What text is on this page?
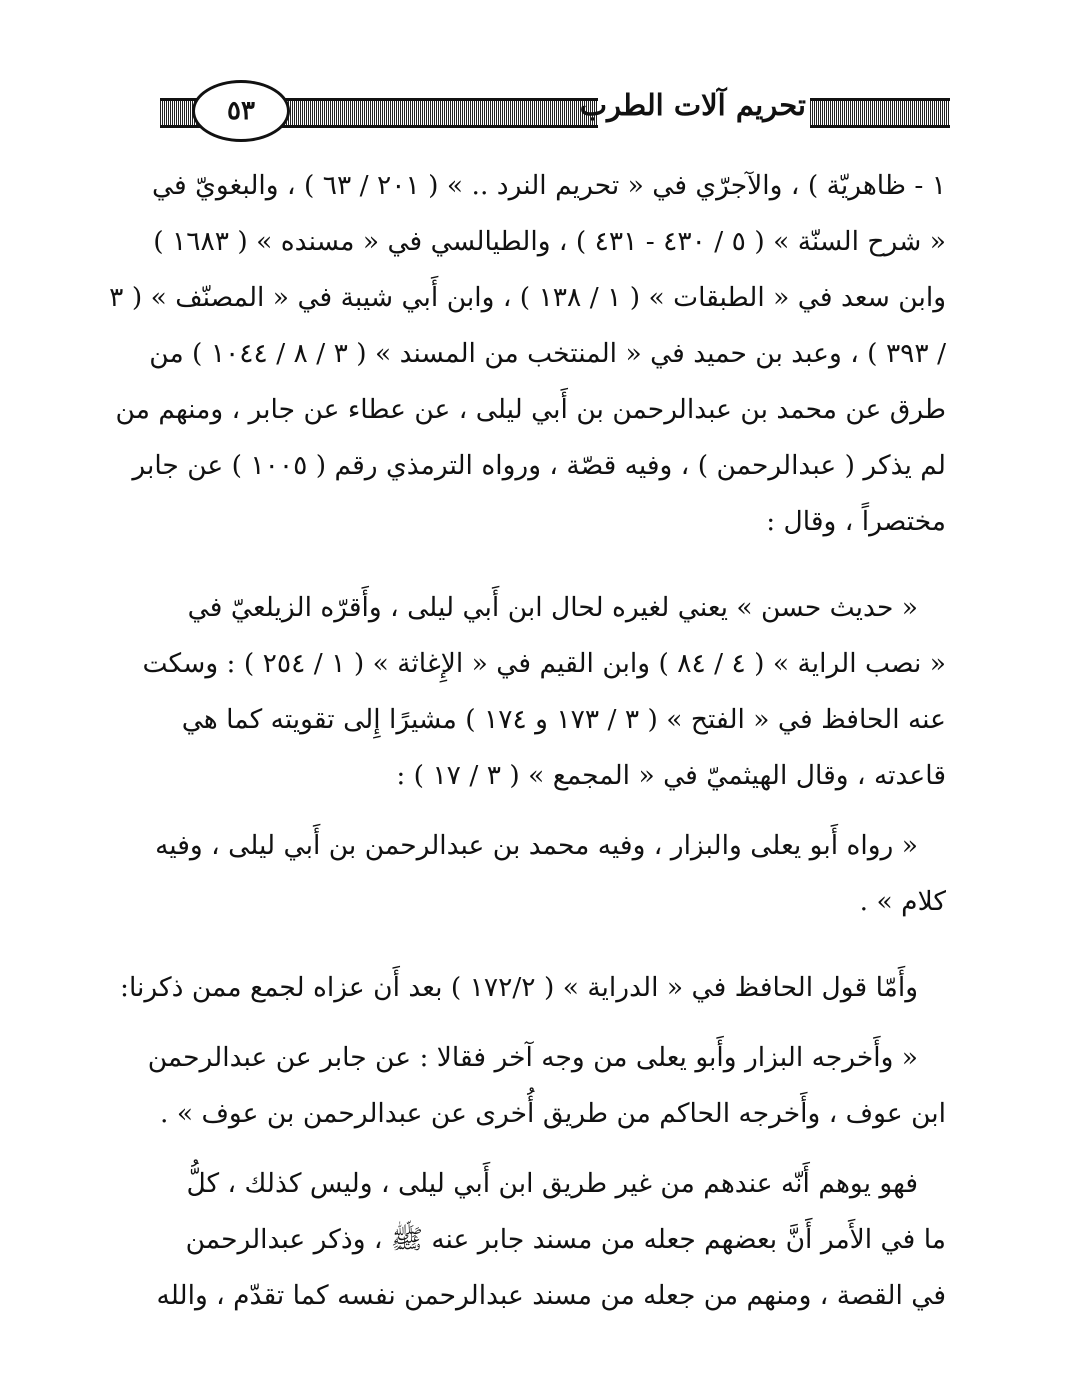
٥٣	تحريم آلات الطرب
١ - ظاهريّة ) ، والآجرّي في « تحريم النرد .. » ( ٢٠١ / ٦٣ ) ، والبغويّ في
« شرح السنّة » ( ٥ / ٤٣٠ - ٤٣١ ) ، والطيالسي في « مسنده » ( ١٦٨٣ )
وابن سعد في « الطبقات » ( ١ / ١٣٨ ) ، وابن أَبي شيبة في « المصنّف » ( ٣
/ ٣٩٣ ) ، وعبد بن حميد في « المنتخب من المسند » ( ٣ / ٨ / ١٠٤٤ ) من
طرق عن محمد بن عبدالرحمن بن أَبي ليلى ، عن عطاء عن جابر ، ومنهم من
لم يذكر ( عبدالرحمن ) ، وفيه قصّة ، ورواه الترمذي رقم ( ١٠٠٥ ) عن جابر
مختصراً ، وقال :
« حديث حسن » يعني لغيره لحال ابن أَبي ليلى ، وأَقرّه الزيلعيّ في
« نصب الراية » ( ٤ / ٨٤ ) وابن القيم في « الإِغاثة » ( ١ / ٢٥٤ ) : وسكت
عنه الحافظ في « الفتح » ( ٣ / ١٧٣ و ١٧٤ ) مشيرًا إِلى تقويته كما هي
قاعدته ، وقال الهيثميّ في « المجمع » ( ٣ / ١٧ ) :
« رواه أَبو يعلى والبزار ، وفيه محمد بن عبدالرحمن بن أَبي ليلى ، وفيه
كلام » .
وأَمّا قول الحافظ في « الدراية » ( ١٧٢/٢ ) بعد أَن عزاه لجمع ممن ذكرنا:
« وأَخرجه البزار وأَبو يعلى من وجه آخر فقالا : عن جابر عن عبدالرحمن
ابن عوف ، وأَخرجه الحاكم من طريق أُخرى عن عبدالرحمن بن عوف » .
فهو يوهم أَنّه عندهم من غير طريق ابن أَبي ليلى ، وليس كذلك ، كلُّ
ما في الأَمر أَنَّ بعضهم جعله من مسند جابر عنه ﷺ ، وذكر عبدالرحمن
في القصة ، ومنهم من جعله من مسند عبدالرحمن نفسه كما تقدّم ، والله
